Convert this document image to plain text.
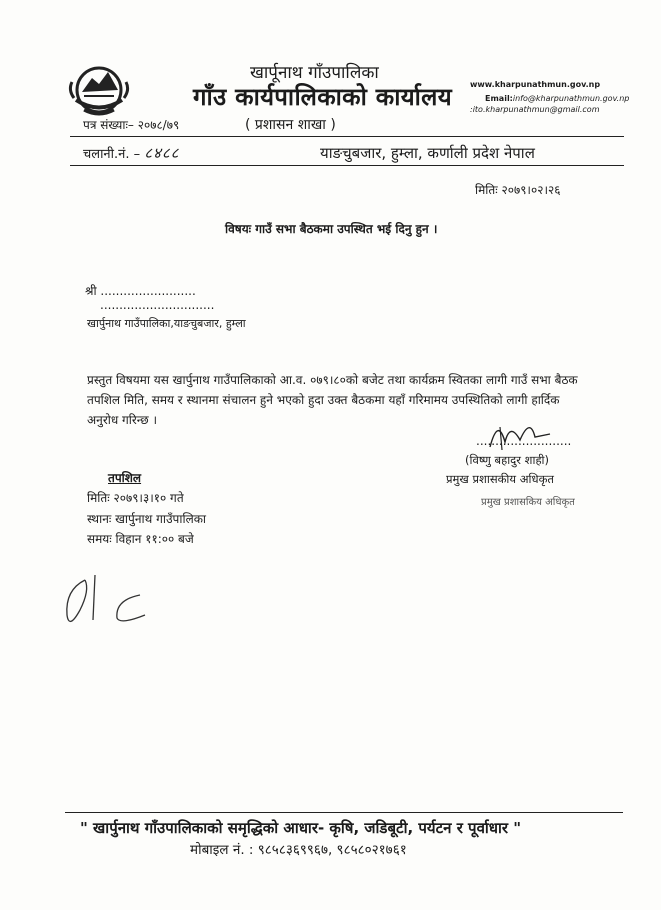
खार्पूनाथ गाँउपालिका
गाँउ कार्यपालिकाको कार्यालय www.kharpunathmun.gov.np
Email:info@kharpunathmun.gov.np
:ito.kharpunathmun@gmail.com
पत्र संख्याः– २०७८/७९	( प्रशासन शाखा )
चलानी.नं. – ८४८८	याङचुबजार, हुम्ला, कर्णाली प्रदेश नेपाल
मितिः २०७९।०२।२६
विषयः गाउँ सभा बैठकमा उपस्थित भई दिनु हुन ।
श्री .........................
..............................
खार्पुनाथ गाउँपालिका,याङचुबजार, हुम्ला
प्रस्तुत विषयमा यस खार्पुनाथ गाउँपालिकाको आ.व. ०७९।८०को बजेट तथा कार्यक्रम स्वितका लागी गाउँ सभा बैठक तपशिल मिति, समय र स्थानमा संचालन हुने भएको हुदा उक्त बैठकमा यहाँ गरिमामय उपस्थितिको लागी हार्दिक अनुरोध गरिन्छ ।
.........................
(विष्णु बहादुर शाही)
प्रमुख प्रशासकीय अधिकृत
प्रमुख प्रशासकिय अधिकृत
तपशिल
मितिः २०७९।३।१० गते
स्थानः खार्पुनाथ गाउँपालिका
समयः विहान ११:०० बजे
" खार्पुनाथ गाँउपालिकाको समृद्धिको आधार- कृषि, जडिबूटी, पर्यटन र पूर्वाधार "
मोबाइल नं. : ९८५८३६९९६७, ९८५८०२१७६१
